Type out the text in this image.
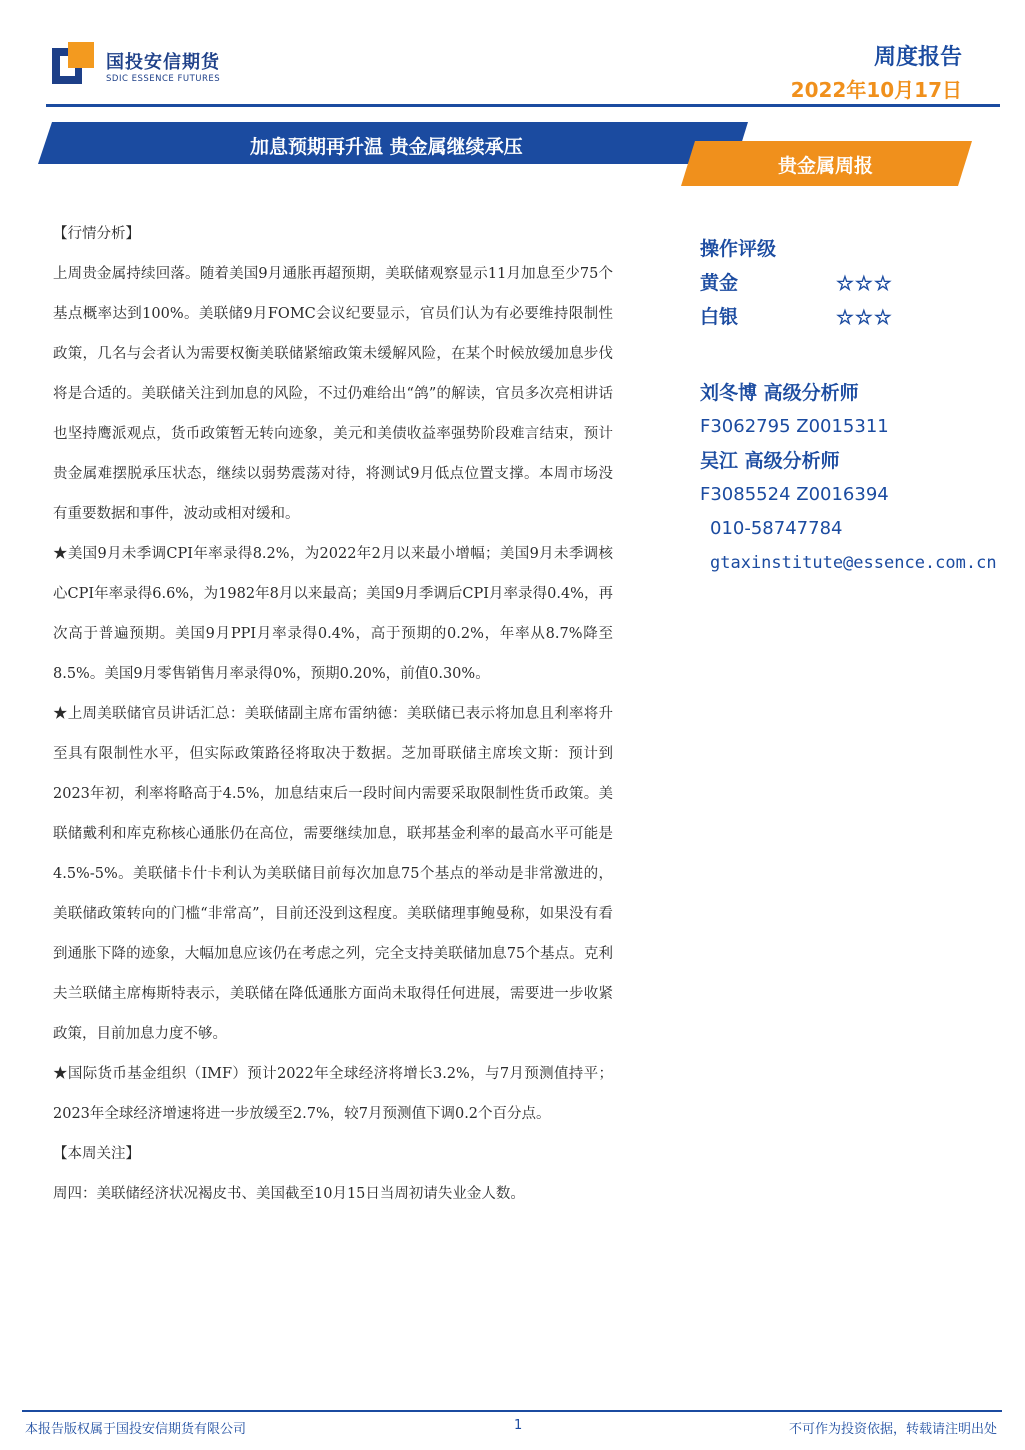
国投安信期货
SDIC ESSENCE FUTURES
周度报告
2022年10月17日
加息预期再升温 贵金属继续承压
贵金属周报

【行情分析】

上周贵金属持续回落。随着美国9月通胀再超预期，美联储观察显示11月加息至少75个基点概率达到100%。美联储9月FOMC会议纪要显示，官员们认为有必要维持限制性政策，几名与会者认为需要权衡美联储紧缩政策未缓解风险，在某个时候放缓加息步伐将是合适的。美联储关注到加息的风险，不过仍难给出“鸽”的解读，官员多次亮相讲话也坚持鹰派观点，货币政策暂无转向迹象，美元和美债收益率强势阶段难言结束，预计贵金属难摆脱承压状态，继续以弱势震荡对待，将测试9月低点位置支撑。本周市场没有重要数据和事件，波动或相对缓和。

★美国9月未季调CPI年率录得8.2%，为2022年2月以来最小增幅；美国9月未季调核心CPI年率录得6.6%，为1982年8月以来最高；美国9月季调后CPI月率录得0.4%，再次高于普遍预期。美国9月PPI月率录得0.4%，高于预期的0.2%，年率从8.7%降至8.5%。美国9月零售销售月率录得0%，预期0.20%，前值0.30%。

★上周美联储官员讲话汇总：美联储副主席布雷纳德：美联储已表示将加息且利率将升至具有限制性水平，但实际政策路径将取决于数据。芝加哥联储主席埃文斯：预计到2023年初，利率将略高于4.5%，加息结束后一段时间内需要采取限制性货币政策。美联储戴利和库克称核心通胀仍在高位，需要继续加息，联邦基金利率的最高水平可能是4.5%-5%。美联储卡什卡利认为美联储目前每次加息75个基点的举动是非常激进的，美联储政策转向的门槛“非常高”，目前还没到这程度。美联储理事鲍曼称，如果没有看到通胀下降的迹象，大幅加息应该仍在考虑之列，完全支持美联储加息75个基点。克利夫兰联储主席梅斯特表示，美联储在降低通胀方面尚未取得任何进展，需要进一步收紧政策，目前加息力度不够。

★国际货币基金组织（IMF）预计2022年全球经济将增长3.2%，与7月预测值持平；2023年全球经济增速将进一步放缓至2.7%，较7月预测值下调0.2个百分点。

【本周关注】

周四：美联储经济状况褐皮书、美国截至10月15日当周初请失业金人数。

操作评级
黄金	☆☆☆
白银	☆☆☆
刘冬博 高级分析师
F3062795 Z0015311
吴江 高级分析师
F3085524 Z0016394
010-58747784
gtaxinstitute@essence.com.cn
本报告版权属于国投安信期货有限公司	1	不可作为投资依据，转载请注明出处
